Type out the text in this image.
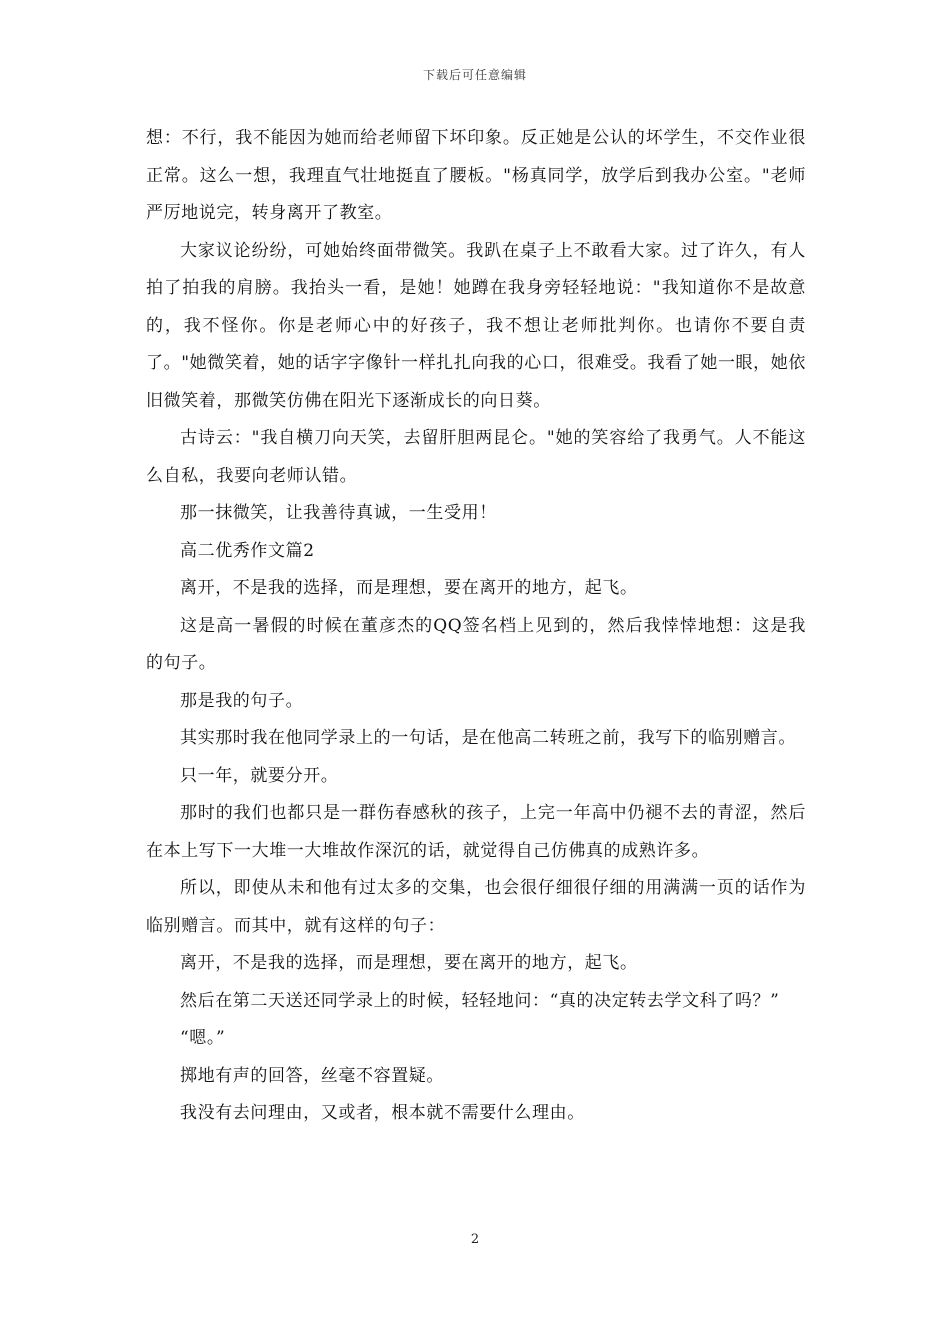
下载后可任意编辑

想：不行，我不能因为她而给老师留下坏印象。反正她是公认的坏学生，不交作业很正常。这么一想，我理直气壮地挺直了腰板。"杨真同学，放学后到我办公室。"老师严厉地说完，转身离开了教室。

大家议论纷纷，可她始终面带微笑。我趴在桌子上不敢看大家。过了许久，有人拍了拍我的肩膀。我抬头一看，是她！她蹲在我身旁轻轻地说："我知道你不是故意的，我不怪你。你是老师心中的好孩子，我不想让老师批判你。也请你不要自责了。"她微笑着，她的话字字像针一样扎扎向我的心口，很难受。我看了她一眼，她依旧微笑着，那微笑仿佛在阳光下逐渐成长的向日葵。

古诗云："我自横刀向天笑，去留肝胆两昆仑。"她的笑容给了我勇气。人不能这么自私，我要向老师认错。

那一抹微笑，让我善待真诚，一生受用！

高二优秀作文篇2

离开，不是我的选择，而是理想，要在离开的地方，起飞。

这是高一暑假的时候在董彦杰的QQ签名档上见到的，然后我悻悻地想：这是我的句子。

那是我的句子。

其实那时我在他同学录上的一句话，是在他高二转班之前，我写下的临别赠言。

只一年，就要分开。

那时的我们也都只是一群伤春感秋的孩子，上完一年高中仍褪不去的青涩，然后在本上写下一大堆一大堆故作深沉的话，就觉得自己仿佛真的成熟许多。

所以，即使从未和他有过太多的交集，也会很仔细很仔细的用满满一页的话作为临别赠言。而其中，就有这样的句子：

离开，不是我的选择，而是理想，要在离开的地方，起飞。

然后在第二天送还同学录上的时候，轻轻地问：“真的决定转去学文科了吗？”

“嗯。”

掷地有声的回答，丝毫不容置疑。

我没有去问理由，又或者，根本就不需要什么理由。

2
